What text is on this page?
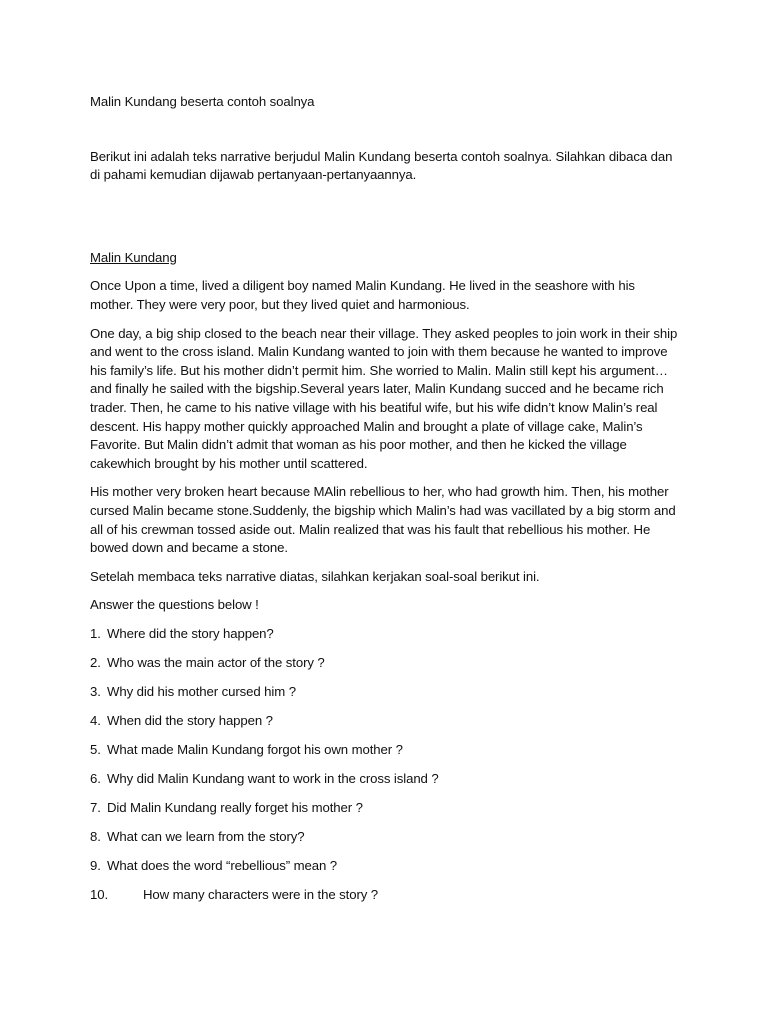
Malin Kundang beserta contoh soalnya

Berikut ini adalah teks narrative berjudul Malin Kundang beserta contoh soalnya. Silahkan dibaca dan di pahami kemudian dijawab pertanyaan-pertanyaannya.

Malin Kundang

Once Upon a time, lived a diligent boy named Malin Kundang. He lived in the seashore with his mother. They were very poor, but they lived quiet and harmonious.

One day, a big ship closed to the beach near their village. They asked peoples to join work in their ship and went to the cross island. Malin Kundang wanted to join with them because he wanted to improve his family’s life. But his mother didn’t permit him. She worried to Malin. Malin still kept his argument… and finally he sailed with the bigship.Several years later, Malin Kundang succed and he became rich trader. Then, he came to his native village with his beatiful wife, but his wife didn’t know Malin’s real descent. His happy mother quickly approached Malin and brought a plate of village cake, Malin’s Favorite. But Malin didn’t admit that woman as his poor mother, and then he kicked the village cakewhich brought by his mother until scattered.

His mother very broken heart because MAlin rebellious to her, who had growth him. Then, his mother cursed Malin became stone.Suddenly, the bigship which Malin’s had was vacillated by a big storm and all of his crewman tossed aside out. Malin realized that was his fault that rebellious his mother. He bowed down and became a stone.

Setelah membaca teks narrative diatas, silahkan kerjakan soal-soal berikut ini.

Answer the questions below !

1. Where did the story happen?
2. Who was the main actor of the story ?
3. Why did his mother cursed him ?
4. When did the story happen ?
5. What made Malin Kundang forgot his own mother ?
6. Why did Malin Kundang want to work in the cross island ?
7. Did Malin Kundang really forget his mother ?
8. What can we learn from the story?
9. What does the word “rebellious” mean ?
10.	How many characters were in the story ?
